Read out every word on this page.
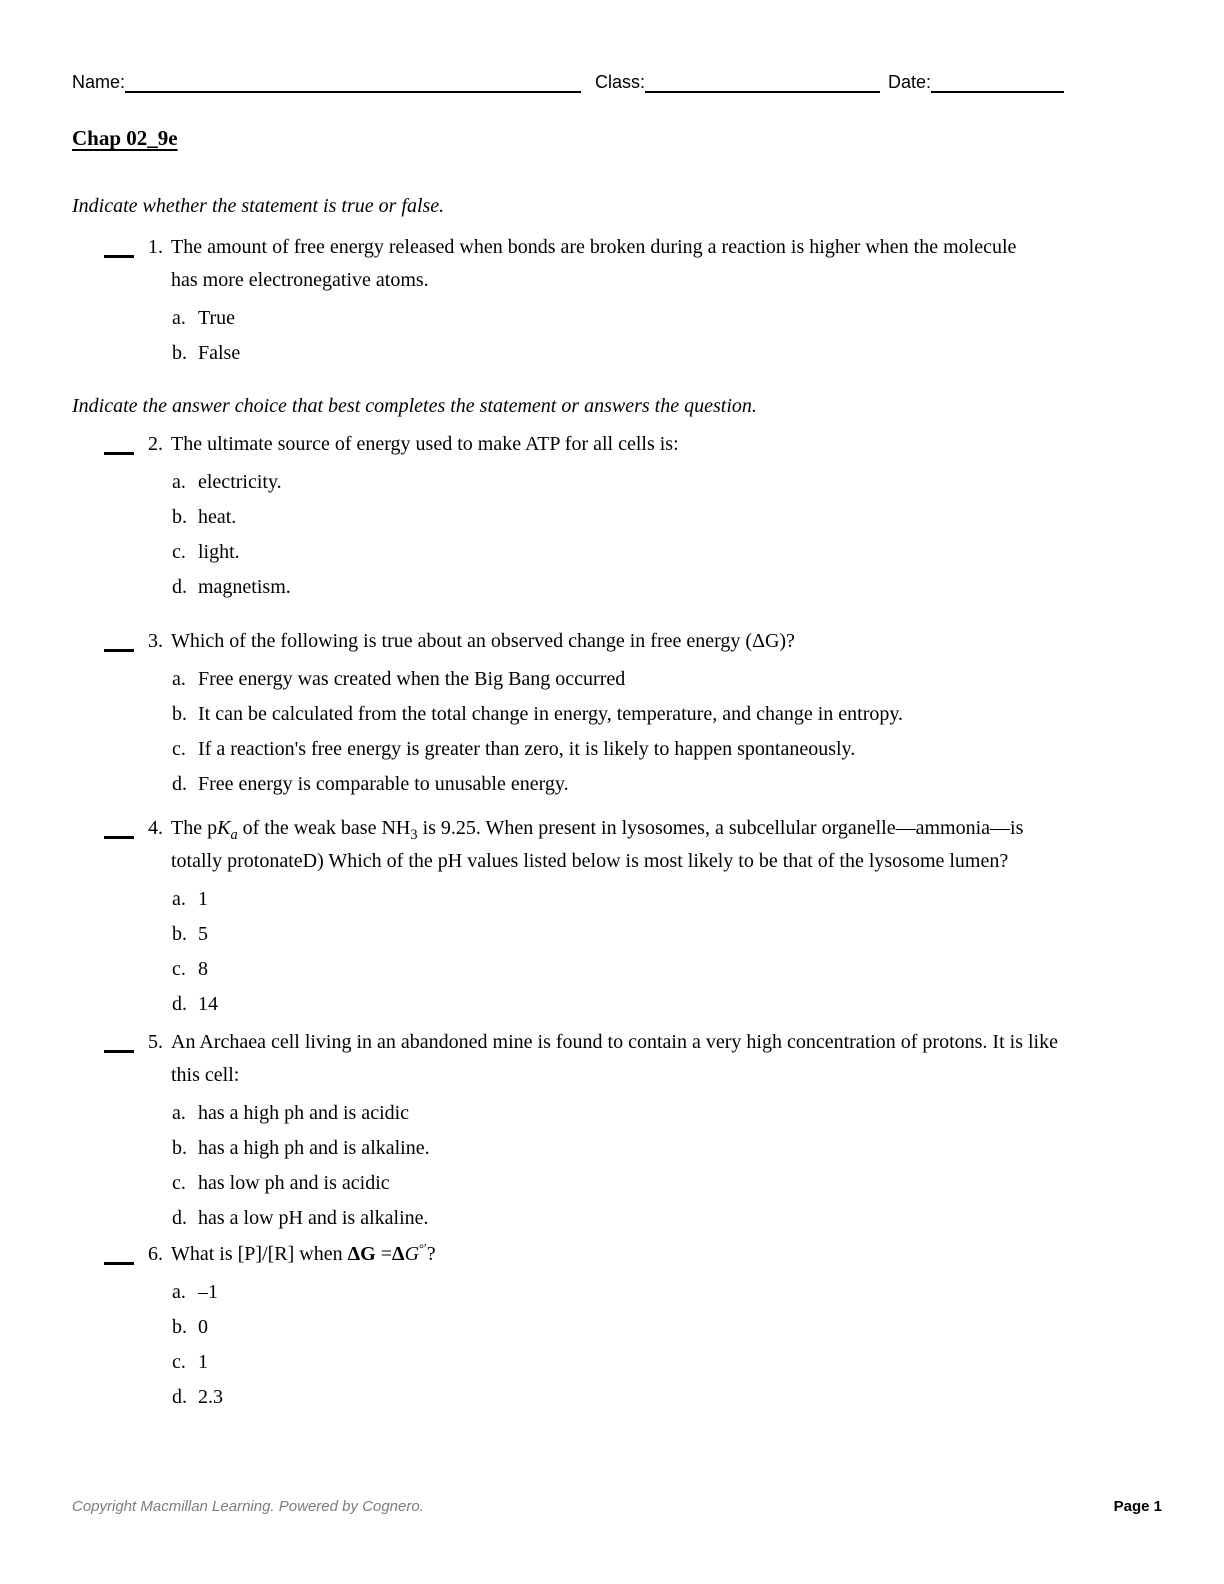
Name:	Class:	Date:
Chap 02_9e
Indicate whether the statement is true or false.
1. The amount of free energy released when bonds are broken during a reaction is higher when the molecule
has more electronegative atoms.
a. True
b. False
Indicate the answer choice that best completes the statement or answers the question.
2. The ultimate source of energy used to make ATP for all cells is:
a. electricity.
b. heat.
c. light.
d. magnetism.
3. Which of the following is true about an observed change in free energy (ΔG)?
a. Free energy was created when the Big Bang occurred
b. It can be calculated from the total change in energy, temperature, and change in entropy.
c. If a reaction's free energy is greater than zero, it is likely to happen spontaneously.
d. Free energy is comparable to unusable energy.
4. The $pK_a$ of the weak base $NH_3$ is 9.25. When present in lysosomes, a subcellular organelle—ammonia—is
totally protonateD) Which of the pH values listed below is most likely to be that of the lysosome lumen?
a. 1
b. 5
c. 8
d. 14
5. An Archaea cell living in an abandoned mine is found to contain a very high concentration of protons. It is like
this cell:
a. has a high ph and is acidic
b. has a high ph and is alkaline.
c. has low ph and is acidic
d. has a low pH and is alkaline.
6. What is [P]/[R] when ΔG =ΔG°′?
a. –1
b. 0
c. 1
d. 2.3
Copyright Macmillan Learning. Powered by Cognero.	Page 1
